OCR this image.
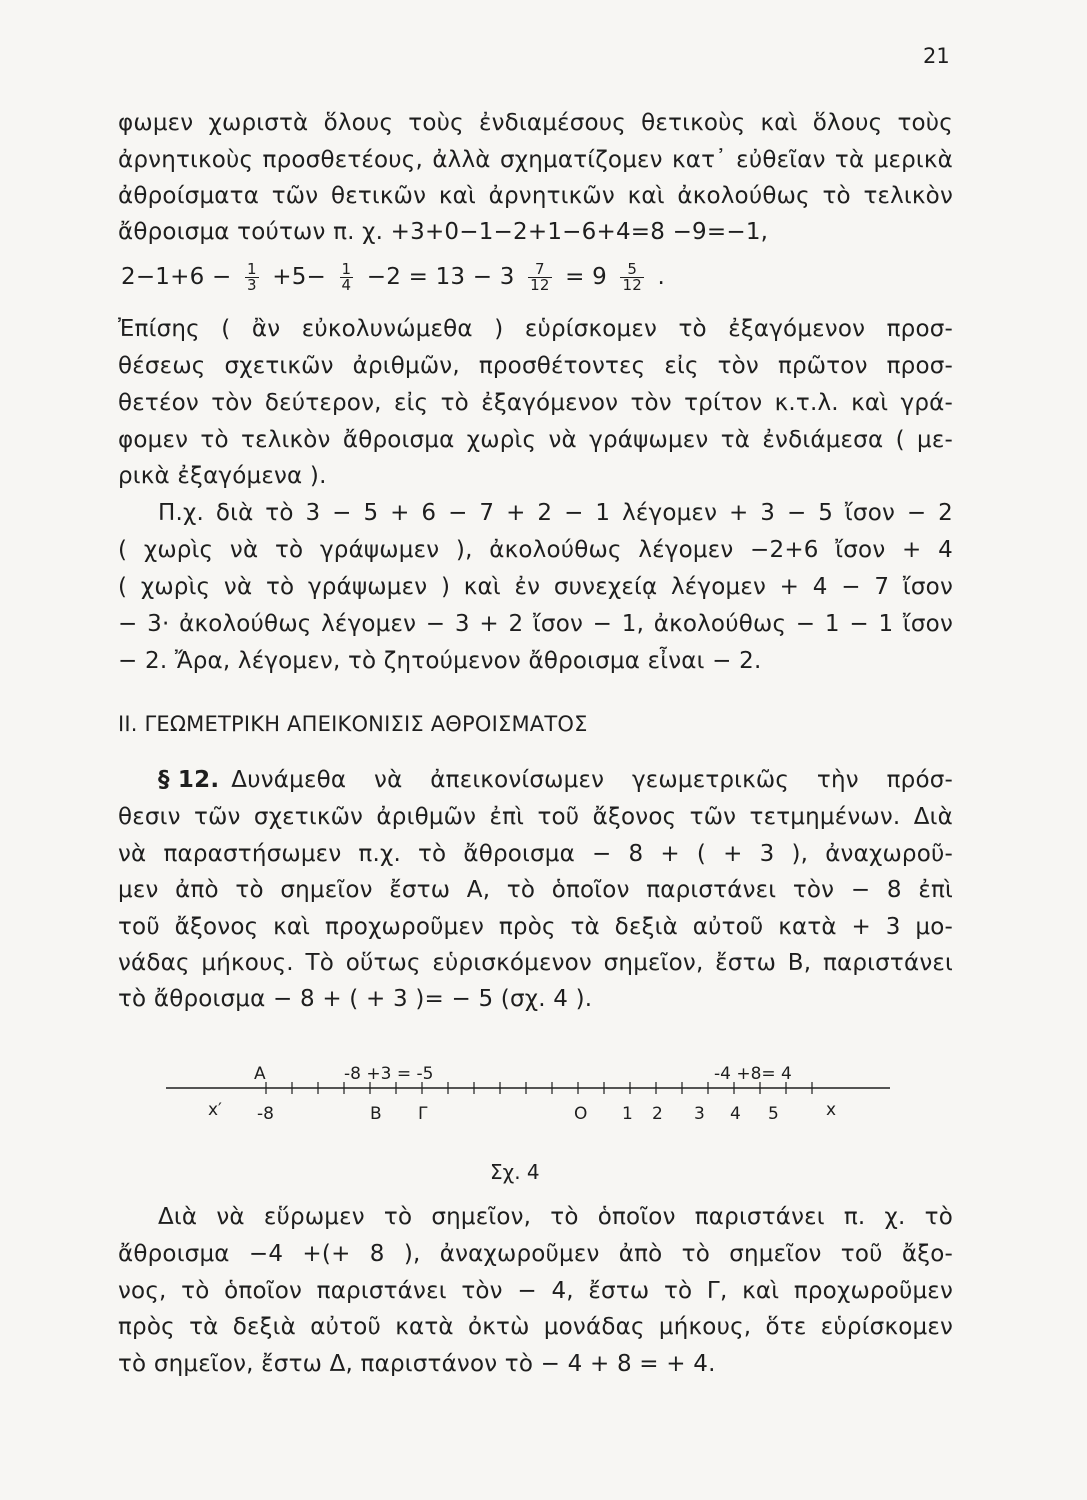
21
φωμεν χωριστὰ ὅλους τοὺς ἐνδιαμέσους θετικοὺς καὶ ὅλους τοὺς
ἀρνητικοὺς προσθετέους, ἀλλὰ σχηματίζομεν κατ᾽ εὐθεῖαν τὰ μερικὰ
ἀθροίσματα τῶν θετικῶν καὶ ἀρνητικῶν καὶ ἀκολούθως τὸ τελικὸν
ἄθροισμα τούτων π. χ. +3+0−1−2+1−6+4=8 −9=−1,
$2-1+6 - \frac{1}{3} +5- \frac{1}{4} -2 = 13 - 3 \frac{7}{12} = 9 \frac{5}{12}$ .
Ἐπίσης ( ἂν εὐκολυνώμεθα ) εὑρίσκομεν τὸ ἐξαγόμενον προσ-
θέσεως σχετικῶν ἀριθμῶν, προσθέτοντες εἰς τὸν πρῶτον προσ-
θετέον τὸν δεύτερον, εἰς τὸ ἐξαγόμενον τὸν τρίτον κ.τ.λ. καὶ γρά-
φομεν τὸ τελικὸν ἄθροισμα χωρὶς νὰ γράψωμεν τὰ ἐνδιάμεσα ( με-
ρικὰ ἐξαγόμενα ).
Π.χ. διὰ τὸ 3 − 5 + 6 − 7 + 2 − 1 λέγομεν + 3 − 5 ἴσον − 2
( χωρὶς νὰ τὸ γράψωμεν ), ἀκολούθως λέγομεν −2+6 ἴσον + 4
( χωρὶς νὰ τὸ γράψωμεν ) καὶ ἐν συνεχείᾳ λέγομεν + 4 − 7 ἴσον
− 3· ἀκολούθως λέγομεν − 3 + 2 ἴσον − 1, ἀκολούθως − 1 − 1 ἴσον
− 2. Ἄρα, λέγομεν, τὸ ζητούμενον ἄθροισμα εἶναι − 2.
ΙΙ. ΓΕΩΜΕΤΡΙΚΗ ΑΠΕΙΚΟΝΙΣΙΣ ΑΘΡΟΙΣΜΑΤΟΣ
§ 12. Δυνάμεθα νὰ ἀπεικονίσωμεν γεωμετρικῶς τὴν πρόσ-
θεσιν τῶν σχετικῶν ἀριθμῶν ἐπὶ τοῦ ἄξονος τῶν τετμημένων. Διὰ
νὰ παραστήσωμεν π.χ. τὸ ἄθροισμα − 8 + ( + 3 ), ἀναχωροῦ-
μεν ἀπὸ τὸ σημεῖον ἔστω Α, τὸ ὁποῖον παριστάνει τὸν − 8 ἐπὶ
τοῦ ἄξονος καὶ προχωροῦμεν πρὸς τὰ δεξιὰ αὐτοῦ κατὰ + 3 μο-
νάδας μήκους. Τὸ οὕτως εὑρισκόμενον σημεῖον, ἔστω Β, παριστάνει
τὸ ἄθροισμα − 8 + ( + 3 )= − 5 (σχ. 4 ).
A	-8 +3 = -5	-4 +8= 4
x′ -8	B Γ	O 1 2 3 4 5	x
Σχ. 4
Διὰ νὰ εὕρωμεν τὸ σημεῖον, τὸ ὁποῖον παριστάνει π. χ. τὸ
ἄθροισμα −4 +(+ 8 ), ἀναχωροῦμεν ἀπὸ τὸ σημεῖον τοῦ ἄξο-
νος, τὸ ὁποῖον παριστάνει τὸν − 4, ἔστω τὸ Γ, καὶ προχωροῦμεν
πρὸς τὰ δεξιὰ αὐτοῦ κατὰ ὀκτὼ μονάδας μήκους, ὅτε εὑρίσκομεν
τὸ σημεῖον, ἔστω Δ, παριστάνον τὸ − 4 + 8 = + 4.
